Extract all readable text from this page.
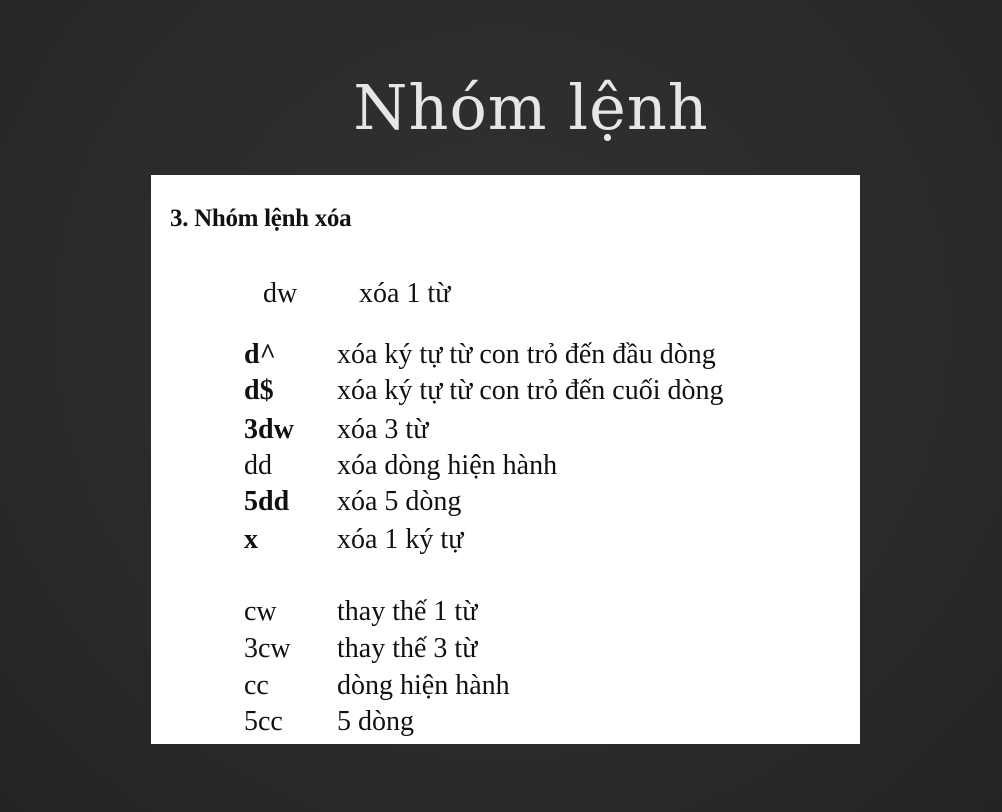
Nhóm lệnh
3. Nhóm lệnh xóa
dw xóa 1 từ
d^ xóa ký tự từ con trỏ đến đầu dòng
d$ xóa ký tự từ con trỏ đến cuối dòng
3dw xóa 3 từ
dd xóa dòng hiện hành
5dd xóa 5 dòng
x	xóa 1 ký tự
cw thay thế 1 từ
3cw thay thế 3 từ
cc dòng hiện hành
5cc 5 dòng
